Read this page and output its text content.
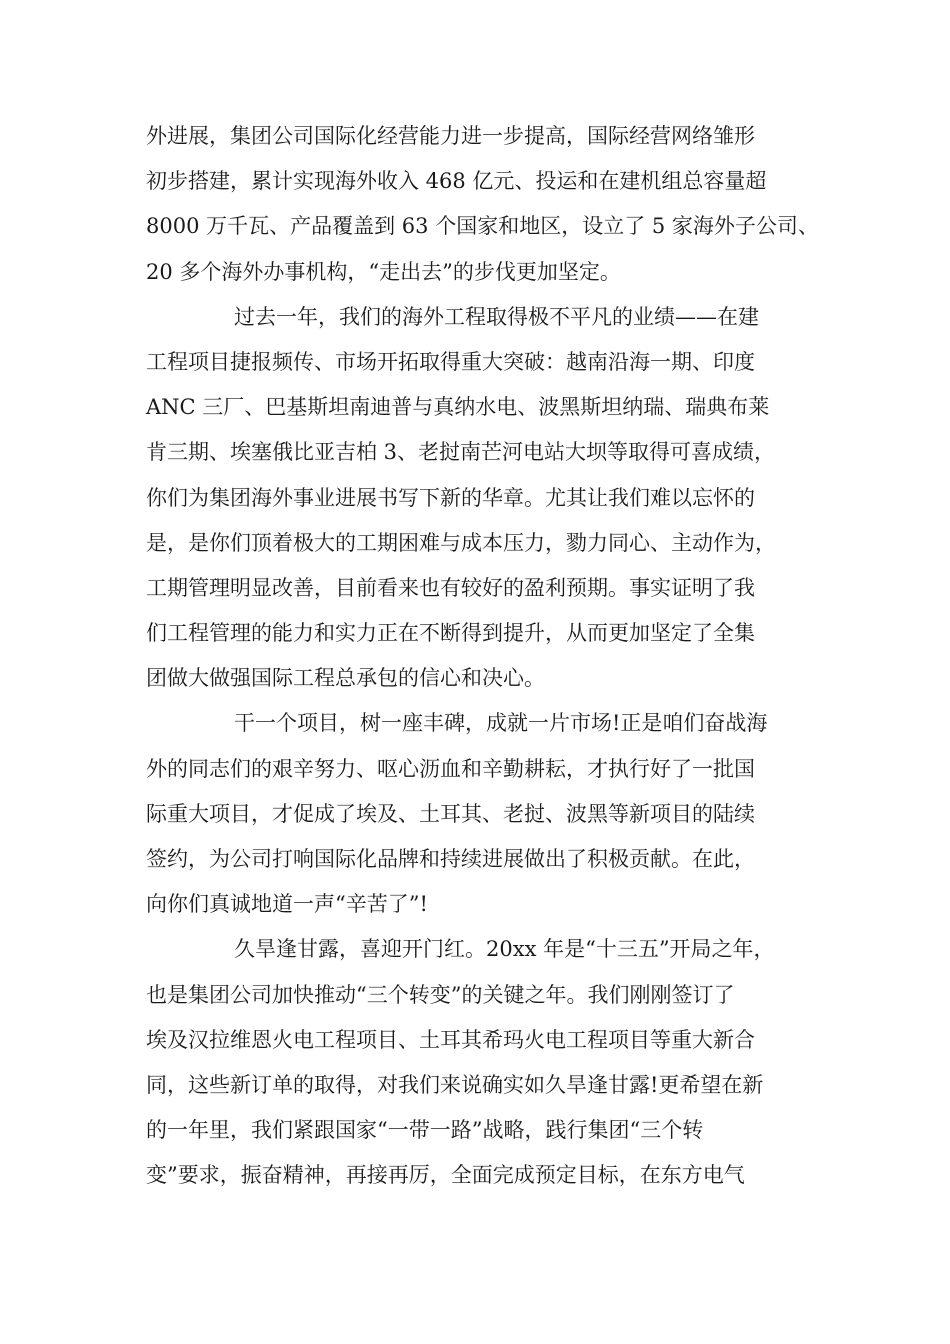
外进展，集团公司国际化经营能力进一步提高，国际经营网络雏形
初步搭建，累计实现海外收入 468 亿元、投运和在建机组总容量超
8000 万千瓦、产品覆盖到 63 个国家和地区，设立了 5 家海外子公司、
20 多个海外办事机构，“走出去”的步伐更加坚定。
过去一年，我们的海外工程取得极不平凡的业绩——在建
工程项目捷报频传、市场开拓取得重大突破：越南沿海一期、印度
ANC 三厂、巴基斯坦南迪普与真纳水电、波黑斯坦纳瑞、瑞典布莱
肯三期、埃塞俄比亚吉柏 3、老挝南芒河电站大坝等取得可喜成绩，
你们为集团海外事业进展书写下新的华章。尤其让我们难以忘怀的
是，是你们顶着极大的工期困难与成本压力，勠力同心、主动作为，
工期管理明显改善，目前看来也有较好的盈利预期。事实证明了我
们工程管理的能力和实力正在不断得到提升，从而更加坚定了全集
团做大做强国际工程总承包的信心和决心。
干一个项目，树一座丰碑，成就一片市场!正是咱们奋战海
外的同志们的艰辛努力、呕心沥血和辛勤耕耘，才执行好了一批国
际重大项目，才促成了埃及、土耳其、老挝、波黑等新项目的陆续
签约，为公司打响国际化品牌和持续进展做出了积极贡献。在此，
向你们真诚地道一声“辛苦了”!
久旱逢甘露，喜迎开门红。20xx 年是“十三五”开局之年，
也是集团公司加快推动“三个转变”的关键之年。我们刚刚签订了
埃及汉拉维恩火电工程项目、土耳其希玛火电工程项目等重大新合
同，这些新订单的取得，对我们来说确实如久旱逢甘露!更希望在新
的一年里，我们紧跟国家“一带一路”战略，践行集团“三个转
变”要求，振奋精神，再接再厉，全面完成预定目标，在东方电气
